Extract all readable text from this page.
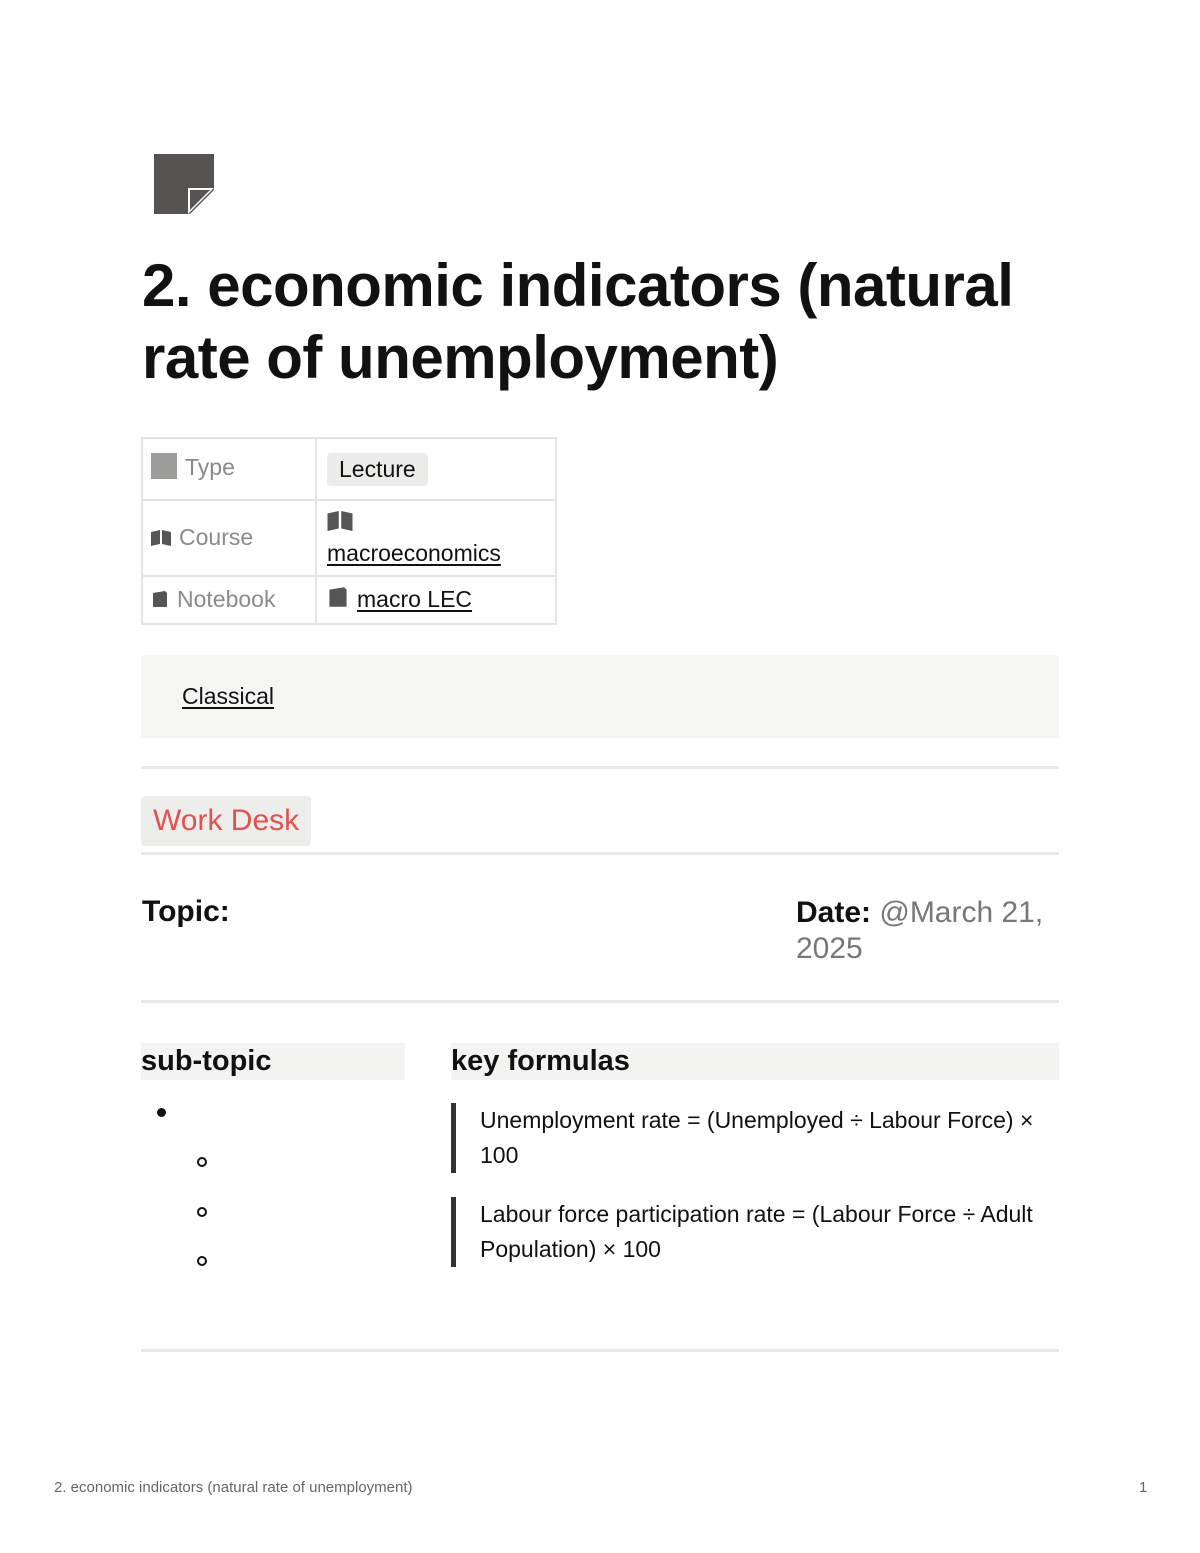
2. economic indicators (natural rate of unemployment)
Type	Lecture
Course	macroeconomics

Notebook	macro LEC
Classical
Work Desk
Topic:	Date: @March 21, 2025
sub-topic	key formulas
Unemployment rate = (Unemployed ÷ Labour Force) × 100
Labour force participation rate = (Labour Force ÷ Adult Population) × 100
2. economic indicators (natural rate of unemployment)	1
